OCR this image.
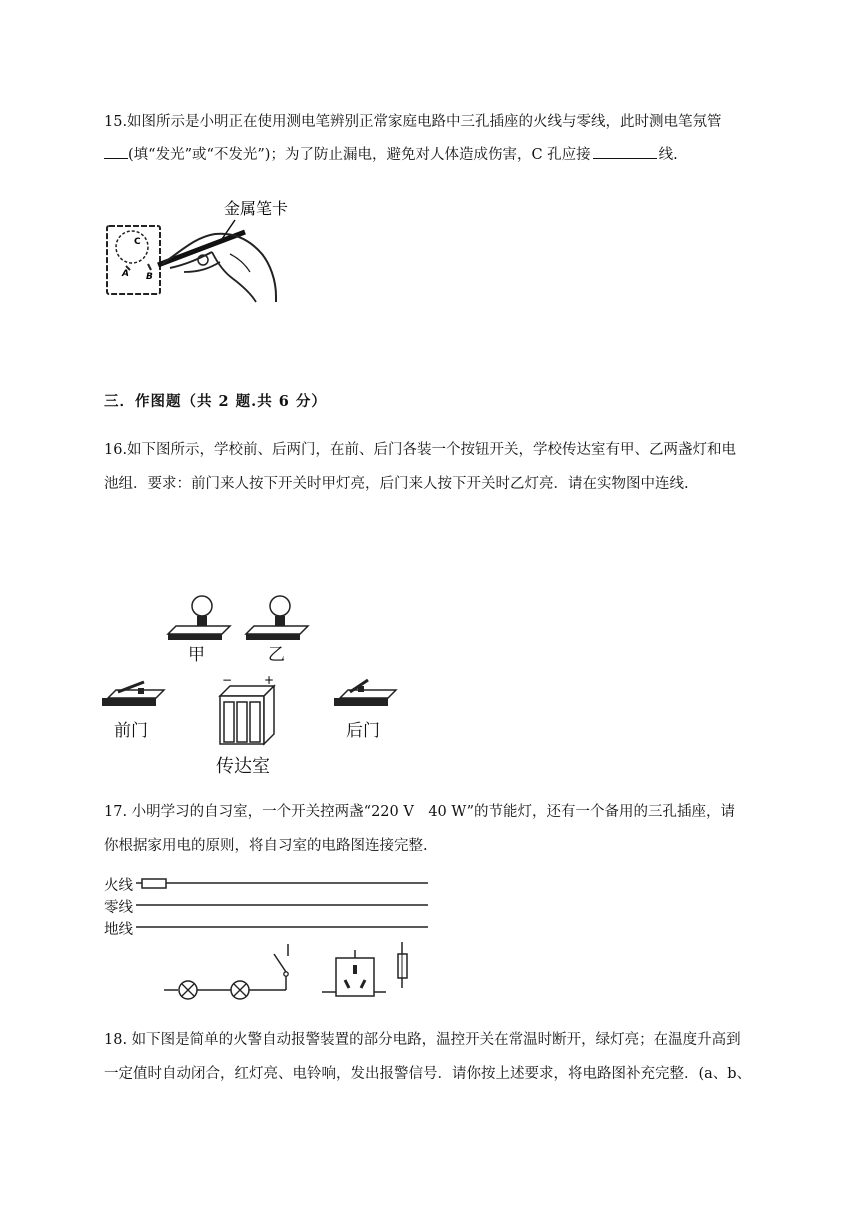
15.如图所示是小明正在使用测电笔辨别正常家庭电路中三孔插座的火线与零线，此时测电笔氖管
(填“发光”或“不发光”)；为了防止漏电，避免对人体造成伤害，C 孔应接	线.
C
A B
金属笔卡
三．作图题（共 2 题.共 6 分）
16.如下图所示，学校前、后两门，在前、后门各装一个按钮开关，学校传达室有甲、乙两盏灯和电
池组．要求：前门来人按下开关时甲灯亮，后门来人按下开关时乙灯亮．请在实物图中连线.
−	+
甲	乙
前门	后门
传达室
17. 小明学习的自习室，一个开关控两盏“220 V　40 W”的节能灯，还有一个备用的三孔插座，请
你根据家用电的原则，将自习室的电路图连接完整.
火线
零线
地线
18. 如下图是简单的火警自动报警装置的部分电路，温控开关在常温时断开，绿灯亮；在温度升高到
一定值时自动闭合，红灯亮、电铃响，发出报警信号．请你按上述要求，将电路图补充完整．(a、b、
